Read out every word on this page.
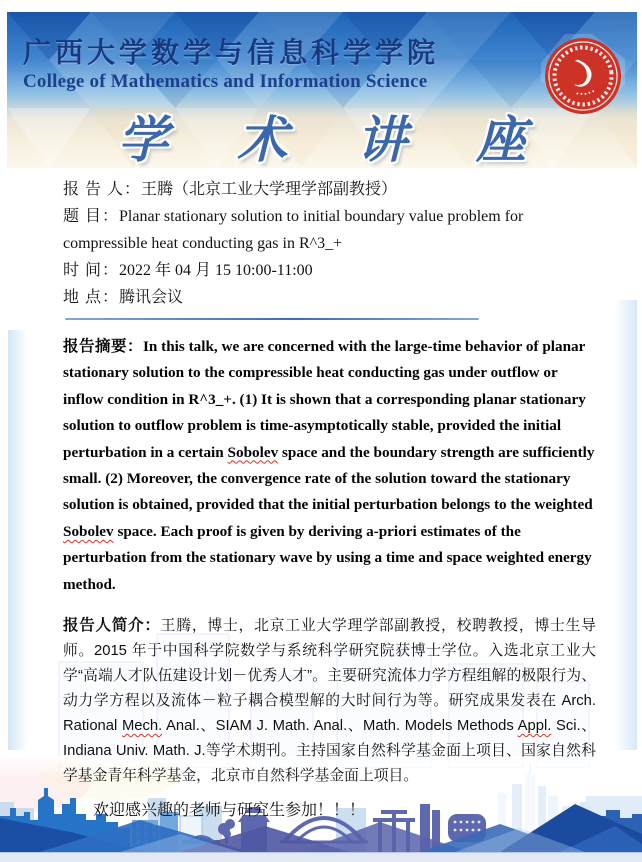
广西大学数学与信息科学学院
College of Mathematics and Information Science
学 术 讲 座

报 告 人：王腾（北京工业大学理学部副教授）

题 目：Planar stationary solution to initial boundary value problem for compressible heat conducting gas in R^3_+

时 间：2022 年 04 月 15 10:00-11:00

地 点：腾讯会议

报告摘要：In this talk, we are concerned with the large-time behavior of planar stationary solution to the compressible heat conducting gas under outflow or inflow condition in R^3_+. (1) It is shown that a corresponding planar stationary solution to outflow problem is time-asymptotically stable, provided the initial perturbation in a certain Sobolev space and the boundary strength are sufficiently small. (2) Moreover, the convergence rate of the solution toward the stationary solution is obtained, provided that the initial perturbation belongs to the weighted Sobolev space. Each proof is given by deriving a-priori estimates of the perturbation from the stationary wave by using a time and space weighted energy method.

报告人简介：王腾，博士，北京工业大学理学部副教授，校聘教授，博士生导师。2015 年于中国科学院数学与系统科学研究院获博士学位。入选北京工业大学“高端人才队伍建设计划－优秀人才”。主要研究流体力学方程组解的极限行为、动力学方程以及流体－粒子耦合模型解的大时间行为等。研究成果发表在 Arch. Rational Mech. Anal.、SIAM J. Math. Anal.、Math. Models Methods Appl. Sci.、Indiana Univ. Math. J.等学术期刊。主持国家自然科学基金面上项目、国家自然科学基金青年科学基金，北京市自然科学基金面上项目。

欢迎感兴趣的老师与研究生参加！！！
